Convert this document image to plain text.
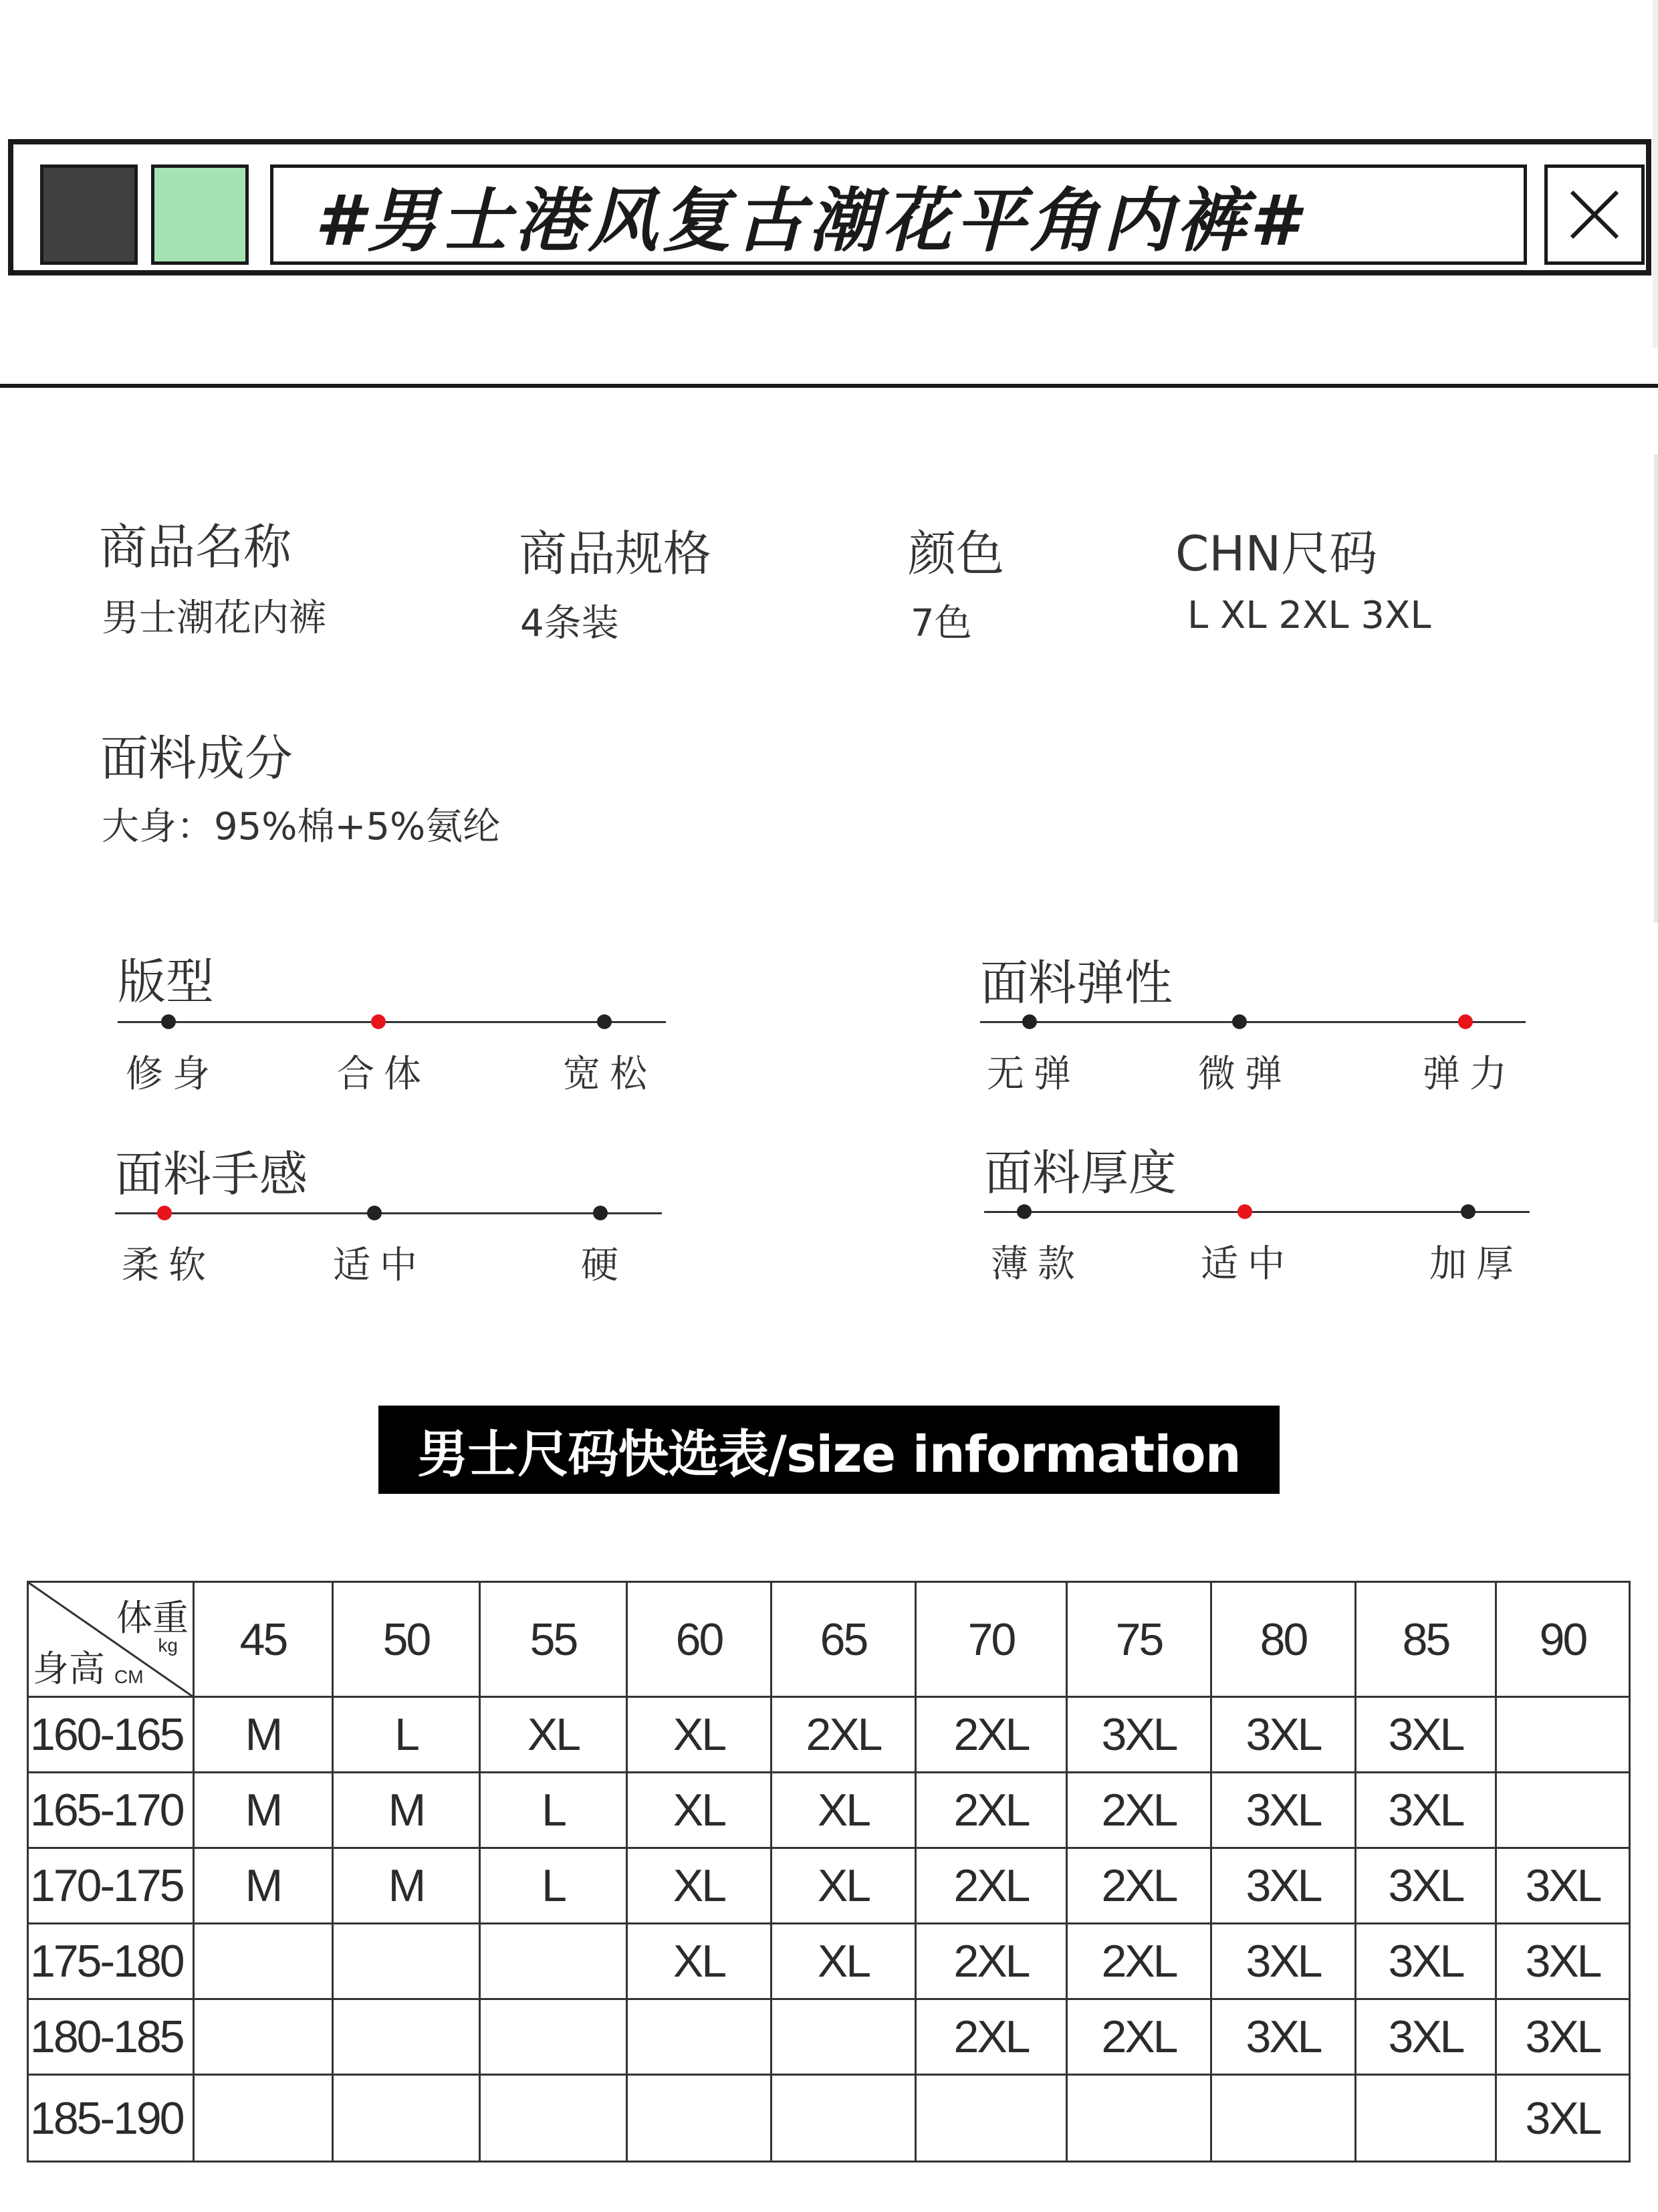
#男士港风复古潮花平角内裤#
商品名称
男士潮花内裤
商品规格
4条装
颜色
7色
CHN尺码
L XL 2XL 3XL
面料成分
大身：95%棉+5%氨纶
版型
修身	合体	宽松
面料弹性
无弹	微弹	弹力
面料手感
柔软	适中	硬
面料厚度
薄款	适中	加厚
男士尺码快选表/size information
体重
kg
身高 CM	45	50	55	60	65	70	75	80	85	90
160-165	M	L	XL	XL	2XL	2XL	3XL	3XL	3XL	
165-170	M	M	L	XL	XL	2XL	2XL	3XL	3XL	
170-175	M	M	L	XL	XL	2XL	2XL	3XL	3XL	3XL
175-180				XL	XL	2XL	2XL	3XL	3XL	3XL
180-185						2XL	2XL	3XL	3XL	3XL
185-190										3XL
